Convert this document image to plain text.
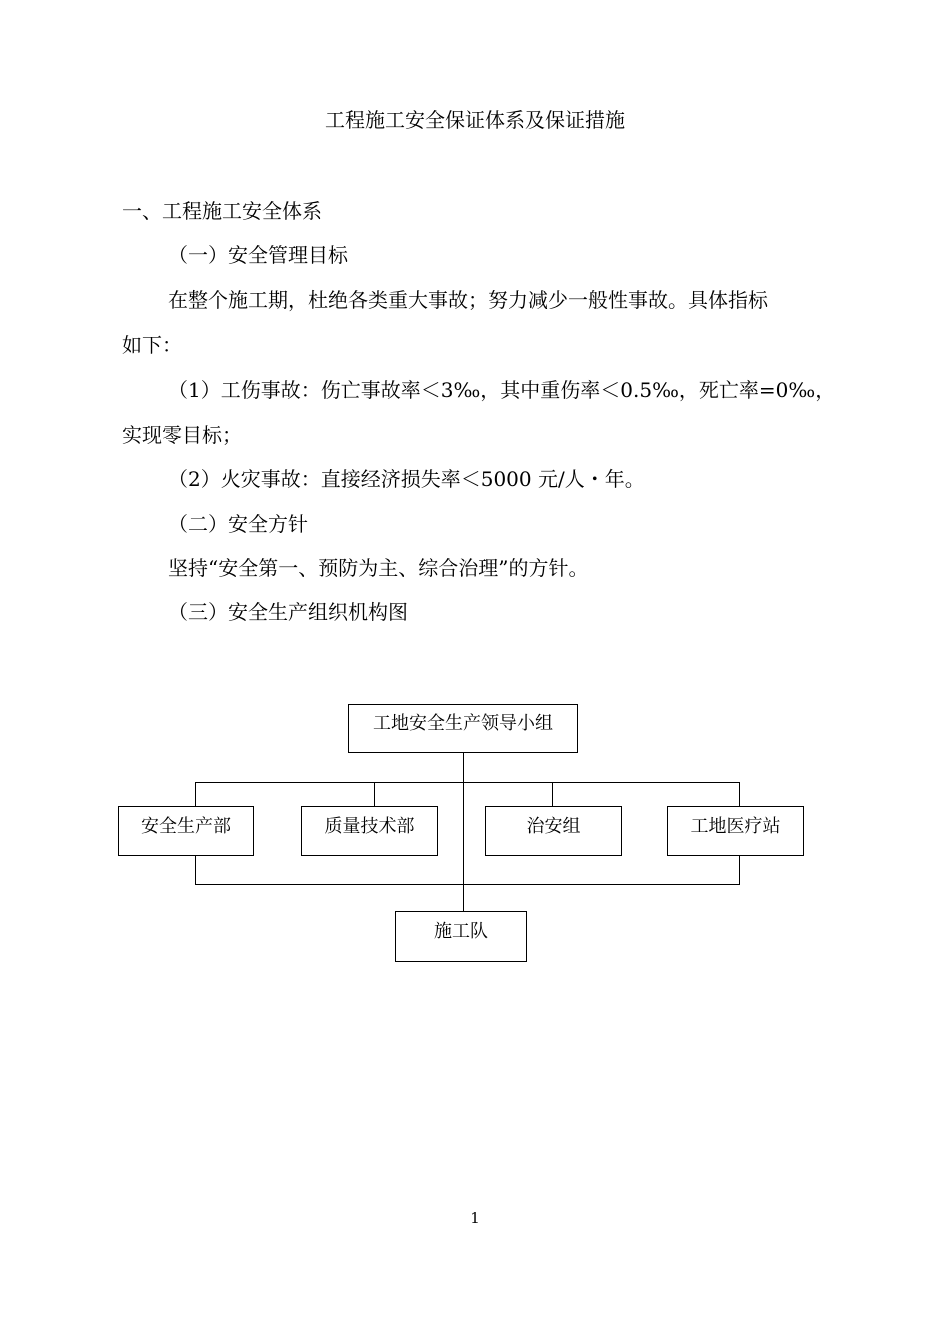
工程施工安全保证体系及保证措施
一、工程施工安全体系
（一）安全管理目标
在整个施工期，杜绝各类重大事故；努力减少一般性事故。具体指标
如下：
（1）工伤事故：伤亡事故率＜3‰，其中重伤率＜0.5‰，死亡率=0‰，
实现零目标；
（2）火灾事故：直接经济损失率＜5000 元/人・年。
（二）安全方针
坚持“安全第一、预防为主、综合治理”的方针。
（三）安全生产组织机构图
工地安全生产领导小组
安全生产部	质量技术部	治安组	工地医疗站
施工队
1
